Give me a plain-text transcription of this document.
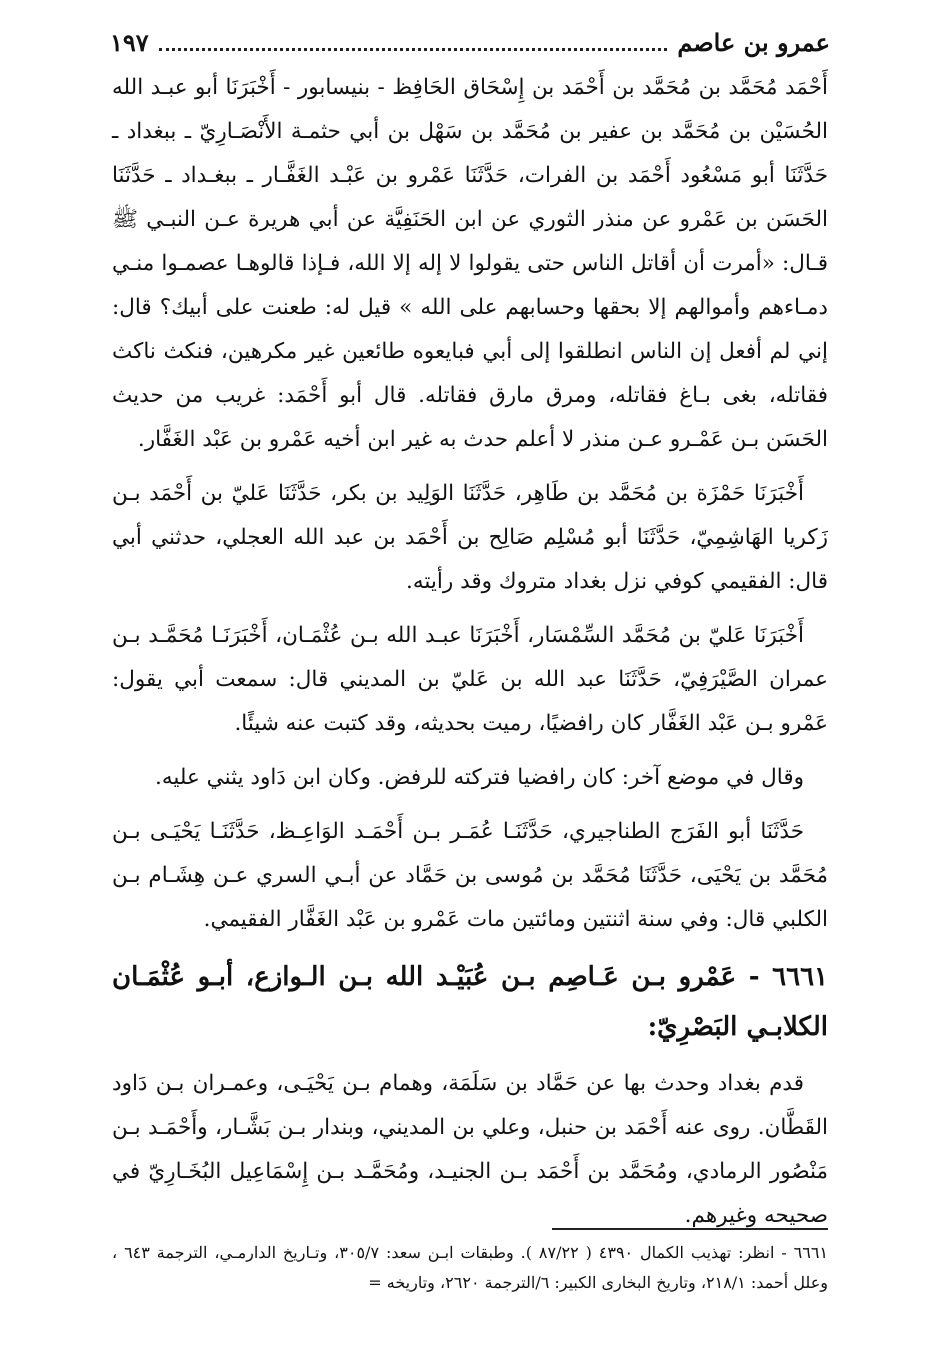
عمرو بن عاصم
١٩٧

أَحْمَد مُحَمَّد بن مُحَمَّد بن أَحْمَد بن إِسْحَاق الحَافِظ - بنيسابور - أَخْبَرَنَا أبو عبـد الله الحُسَيْن بن مُحَمَّد بن عفير بن مُحَمَّد بن سَهْل بن أبي حثمـة الأَنْصَـارِيّ ـ ببغداد ـ حَدَّثَنَا أبو مَسْعُود أَحْمَد بن الفرات، حَدَّثَنَا عَمْرو بن عَبْـد الغَفَّـار ـ ببغـداد ـ حَدَّثَنَا الحَسَن بن عَمْرو عن منذر الثوري عن ابن الحَنَفِيَّة عن أبي هريرة عـن النبـي ﷺ قـال: «أمرت أن أقاتل الناس حتى يقولوا لا إله إلا الله، فـإذا قالوهـا عصمـوا منـي دمـاءهم وأموالهم إلا بحقها وحسابهم على الله » قيل له: طعنت على أبيك؟ قال: إني لم أفعل إن الناس انطلقوا إلى أبي فبايعوه طائعين غير مكرهين، فنكث ناكث فقاتله، بغى بـاغ فقاتله، ومرق مارق فقاتله. قال أبو أَحْمَد: غريب من حديث الحَسَن بـن عَمْـرو عـن منذر لا أعلم حدث به غير ابن أخيه عَمْرو بن عَبْد الغَفَّار.

أَخْبَرَنَا حَمْزَة بن مُحَمَّد بن طَاهِر، حَدَّثَنَا الوَلِيد بن بكر، حَدَّثَنَا عَليّ بن أَحْمَد بـن زَكريا الهَاشِمِيّ، حَدَّثَنَا أبو مُسْلِم صَالِح بن أَحْمَد بن عبد الله العجلي، حدثني أبي قال: الفقيمي كوفي نزل بغداد متروك وقد رأيته.

أَخْبَرَنَا عَليّ بن مُحَمَّد السِّمْسَار، أَخْبَرَنَا عبـد الله بـن عُثْمَـان، أَخْبَرَنَـا مُحَمَّـد بـن عمران الصَّيْرَفِيّ، حَدَّثَنَا عبد الله بن عَليّ بن المديني قال: سمعت أبي يقول: عَمْرو بـن عَبْد الغَفَّار كان رافضيًا، رميت بحديثه، وقد كتبت عنه شيئًا.

وقال في موضع آخر: كان رافضيا فتركته للرفض. وكان ابن دَاود يثني عليه.

حَدَّثَنَا أبو الفَرَج الطناجيري، حَدَّثَنَـا عُمَـر بـن أَحْمَـد الوَاعِـظ، حَدَّثَنَـا يَحْيَـى بـن مُحَمَّد بن يَحْيَى، حَدَّثَنَا مُحَمَّد بن مُوسى بن حَمَّاد عن أبـي السري عـن هِشَـام بـن الكلبي قال: وفي سنة اثنتين ومائتين مات عَمْرو بن عَبْد الغَفَّار الفقيمي.

٦٦٦١ - عَمْرو بـن عَـاصِم بـن عُبَيْـد الله بـن الـوازع، أبـو عُثْمَـان الكلابـي البَصْرِيّ:

قدم بغداد وحدث بها عن حَمَّاد بن سَلَمَة، وهمام بـن يَحْيَـى، وعمـران بـن دَاود القَطَّان. روى عنه أَحْمَد بن حنبل، وعلي بن المديني، وبندار بـن بَشَّـار، وأَحْمَـد بـن مَنْصُور الرمادي، ومُحَمَّد بن أَحْمَد بـن الجنيـد، ومُحَمَّـد بـن إِسْمَاعِيل البُخَـارِيّ في صحيحه وغيرهم.

٦٦٦١ - انظر: تهذيب الكمال ٤٣٩٠ ( ٨٧/٢٢ ). وطبقات ابـن سعد: ٣٠٥/٧، وتـاريخ الدارمـي، الترجمة ٦٤٣ ، وعلل أحمد: ٢١٨/١، وتاريخ البخارى الكبير: ٦/الترجمة ٢٦٢٠، وتاريخه =
